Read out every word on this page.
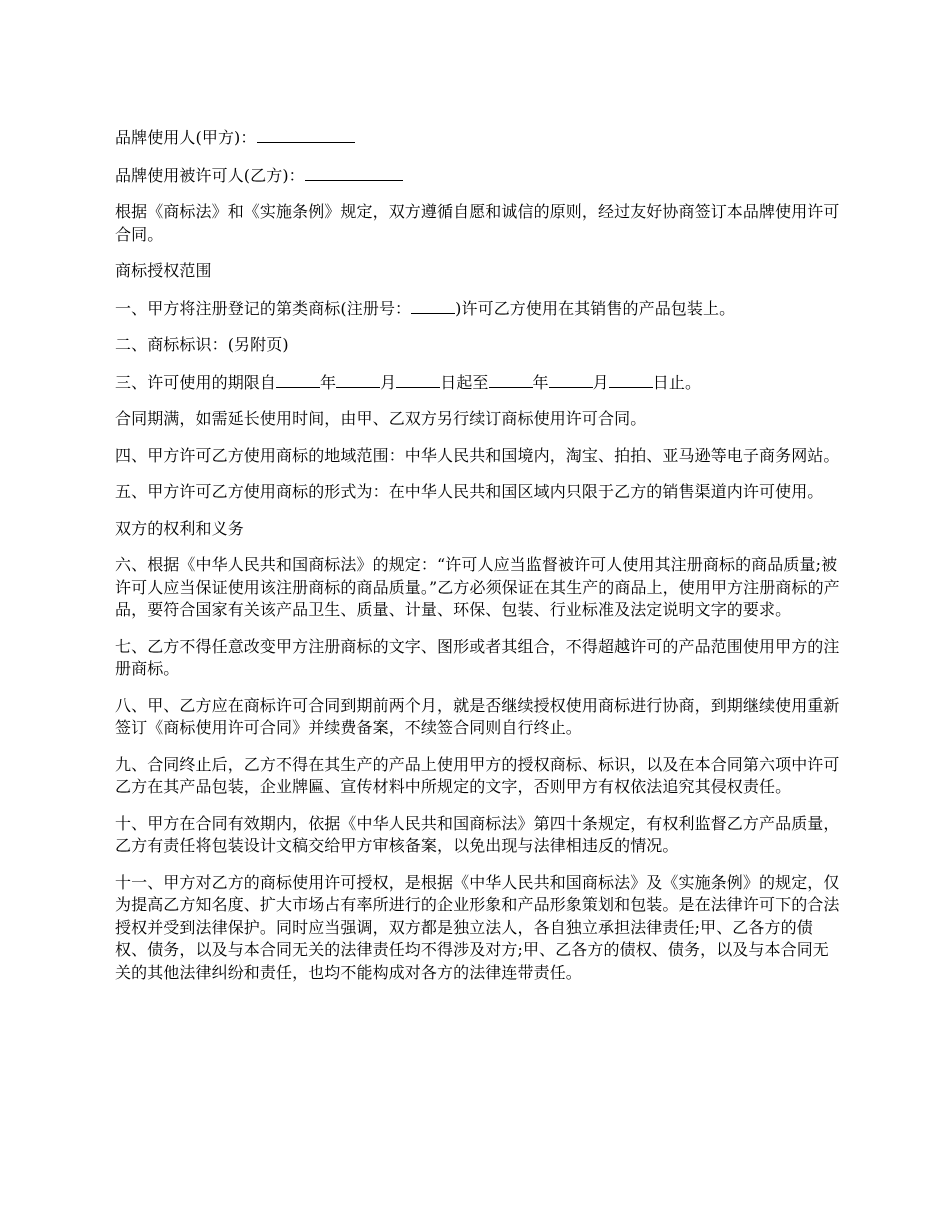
品牌使用人(甲方)：

品牌使用被许可人(乙方)：

根据《商标法》和《实施条例》规定，双方遵循自愿和诚信的原则，经过友好协商签订本品牌使用许可合同。

商标授权范围

一、甲方将注册登记的第类商标(注册号：	)许可乙方使用在其销售的产品包装上。

二、商标标识：(另附页)

三、许可使用的期限自	年	月	日起至	年	月	日止。

合同期满，如需延长使用时间，由甲、乙双方另行续订商标使用许可合同。

四、甲方许可乙方使用商标的地域范围：中华人民共和国境内，淘宝、拍拍、亚马逊等电子商务网站。

五、甲方许可乙方使用商标的形式为：在中华人民共和国区域内只限于乙方的销售渠道内许可使用。

双方的权利和义务

六、根据《中华人民共和国商标法》的规定：“许可人应当监督被许可人使用其注册商标的商品质量;被许可人应当保证使用该注册商标的商品质量。”乙方必须保证在其生产的商品上，使用甲方注册商标的产品，要符合国家有关该产品卫生、质量、计量、环保、包装、行业标准及法定说明文字的要求。

七、乙方不得任意改变甲方注册商标的文字、图形或者其组合，不得超越许可的产品范围使用甲方的注册商标。

八、甲、乙方应在商标许可合同到期前两个月，就是否继续授权使用商标进行协商，到期继续使用重新签订《商标使用许可合同》并续费备案，不续签合同则自行终止。

九、合同终止后，乙方不得在其生产的产品上使用甲方的授权商标、标识，以及在本合同第六项中许可乙方在其产品包装，企业牌匾、宣传材料中所规定的文字，否则甲方有权依法追究其侵权责任。

十、甲方在合同有效期内，依据《中华人民共和国商标法》第四十条规定，有权利监督乙方产品质量，乙方有责任将包装设计文稿交给甲方审核备案，以免出现与法律相违反的情况。

十一、甲方对乙方的商标使用许可授权，是根据《中华人民共和国商标法》及《实施条例》的规定，仅为提高乙方知名度、扩大市场占有率所进行的企业形象和产品形象策划和包装。是在法律许可下的合法授权并受到法律保护。同时应当强调，双方都是独立法人，各自独立承担法律责任;甲、乙各方的债权、债务，以及与本合同无关的法律责任均不得涉及对方;甲、乙各方的债权、债务，以及与本合同无关的其他法律纠纷和责任，也均不能构成对各方的法律连带责任。
